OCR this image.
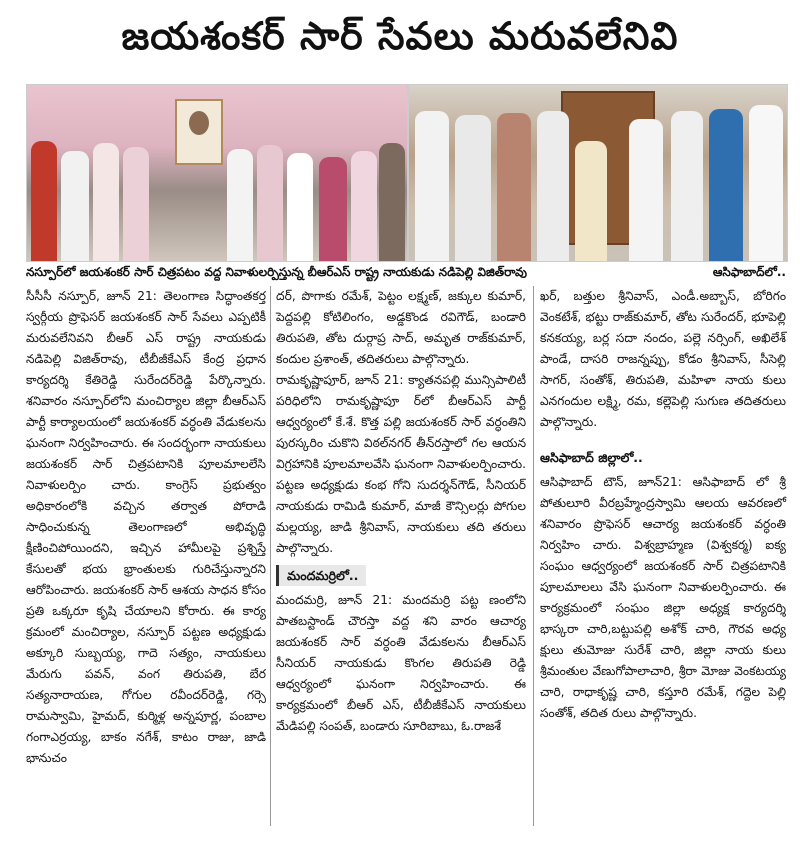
జయశంకర్ సార్ సేవలు మరువలేనివి
నస్పూర్‌లో జయశంకర్ సార్ చిత్రపటం వద్ద నివాళులర్పిస్తున్న బీఆర్ఎస్ రాష్ట్ర నాయకుడు నడిపెల్లి విజిత్‌రావు	ఆసిఫాబాద్‌లో..

సీసీసీ నస్పూర్, జూన్ 21: తెలంగాణ సిద్ధాంతకర్త స్వర్గీయ ప్రొఫెసర్ జయశంకర్ సార్ సేవలు ఎప్పటికీ మరువలేనివని బీఆర్ ఎస్ రాష్ట్ర నాయకుడు నడిపెల్లి విజిత్‌రావు, టీబీజీకేఎస్ కేంద్ర ప్రధాన కార్యదర్శి కేతిరెడ్డి సురేందర్‌రెడ్డి పేర్కొన్నారు. శనివారం నస్పూర్‌లోని మంచిర్యాల జిల్లా బీఆర్ఎస్ పార్టీ కార్యాలయంలో జయశంకర్ వర్ధంతి వేడుకలను ఘనంగా నిర్వహించారు. ఈ సందర్భంగా నాయకులు జయశంకర్ సార్ చిత్రపటానికి పూలమాలలేసి నివాళులర్పిం చారు. కాంగ్రెస్ ప్రభుత్వం అధికారంలోకి వచ్చిన తర్వాత పోరాడి సాధించుకున్న తెలంగాణలో అభివృద్ధి క్షీణించిపోయిందని, ఇచ్చిన హామీలపై ప్రశ్నిస్తే కేసులతో భయ భ్రాంతులకు గురిచేస్తున్నారని ఆరోపించారు. జయశంకర్ సార్ ఆశయ సాధన కోసం ప్రతి ఒక్కరూ కృషి చేయాలని కోరారు. ఈ కార్య క్రమంలో మంచిర్యాల, నస్పూర్ పట్టణ అధ్యక్షుడు అక్కూరి సుబ్బయ్య, గాదె సత్యం, నాయకులు మేరుగు పవన్, వంగ తిరుపతి, బేర సత్యనారాయణ, గోగుల రవీందర్‌రెడ్డి, గర్సె రామస్వామి, హైమద్, కుర్మిళ్ల అన్నపూర్ణ, పంబాల గంగాఎర్రయ్య, బాకం నగేశ్, కాటం రాజు, జాడి భానుచం

దర్, పొగాకు రమేశ్, పెట్టం లక్ష్మణ్, జక్కుల కుమార్, పెద్దపల్లి కోటిలింగం, అడ్డకొండ రవిగౌడ్, బండారి తిరుపతి, తోట దుర్గాప్ర సాద్, అమృత రాజ్‌కుమార్, కందుల ప్రశాంత్, తదితరులు పాల్గొన్నారు.

రామకృష్ణాపూర్, జూన్ 21: క్యాతనపల్లి మున్సిపాలిటీ పరిధిలోని రామకృష్ణాపూ ర్‌లో బీఆర్ఎస్ పార్టీ ఆధ్వర్యంలో కే.శే. కొత్త పల్లి జయశంకర్ సార్ వర్ధంతిని పురస్కరిం చుకొని విఠల్‌నగర్ తీన్‌రస్తాలో గల ఆయన విగ్రహానికి పూలమాలవేసి ఘనంగా నివాళులర్పించారు. పట్టణ అధ్యక్షుడు కంభ గోని సుదర్శన్‌గౌడ్, సీనియర్ నాయకుడు రామిడి కుమార్, మాజీ కౌన్సిలర్లు పోగుల మల్లయ్య, జాడి శ్రీనివాస్, నాయకులు తది తరులు పాల్గొన్నారు.

మందమర్రిలో..

మందమర్రి, జూన్ 21: మందమర్రి పట్ట ణంలోని పాతబస్టాండ్ చౌరస్తా వద్ద శని వారం ఆచార్య జయశంకర్ సార్ వర్ధంతి వేడుకలను బీఆర్ఎస్ సీనియర్ నాయకుడు కొంగల తిరుపతి రెడ్డి ఆధ్వర్యంలో ఘనంగా నిర్వహించారు. ఈ కార్యక్రమంలో బీఆర్ ఎస్, టీబీజీకేఎస్ నాయకులు మేడిపల్లి సంపత్, బండారు సూరిబాబు, ఓ.రాజశే

ఖర్, బత్తుల శ్రీనివాస్, ఎండీ.అబ్బాస్, బోరిగం వెంకటేశ్, భట్టు రాజ్‌కుమార్, తోట సురేందర్, భూపెల్లి కనకయ్య, బర్ల సదా నందం, పల్లె నర్సింగ్, అఖిలేశ్ పాండే, దాసరి రాజన్నప్పు, కోడం శ్రీనివాస్, సీసెల్లి సాగర్, సంతోశ్, తిరుపతి, మహిళా నాయ కులు ఎనగందుల లక్ష్మి, రమ, కల్లెపెల్లి సుగుణ తదితరులు పాల్గొన్నారు.

ఆసిఫాబాద్ జిల్లాలో..

ఆసిఫాబాద్ టౌన్, జూన్21: ఆసిఫాబాద్ లో శ్రీ పోతులూరి వీరబ్రహ్మేంద్రస్వామి ఆలయ ఆవరణలో శనివారం ప్రొఫెసర్ ఆచార్య జయశంకర్ వర్ధంతి నిర్వహిం చారు. విశ్వబ్రాహ్మణ (విశ్వకర్మ) ఐక్య సంఘం ఆధ్వర్యంలో జయశంకర్ సార్ చిత్రపటానికి పూలమాలలు వేసి ఘనంగా నివాళులర్పించారు. ఈ కార్యక్రమంలో సంఘం జిల్లా అధ్యక్ష కార్యదర్శి భాస్కరా చారి,బట్టుపల్లి అశోక్ చారి, గౌరవ అధ్య క్షులు తుమోజు సురేశ్ చారి, జిల్లా నాయ కులు శ్రీమంతుల వేణుగోపాలాచారి, శ్రీరా మోజు వెంకటయ్య చారి, రాధాకృష్ణ చారి, కస్తూరి రమేశ్, గద్దెల పెల్లి సంతోశ్, తదిత రులు పాల్గొన్నారు.
